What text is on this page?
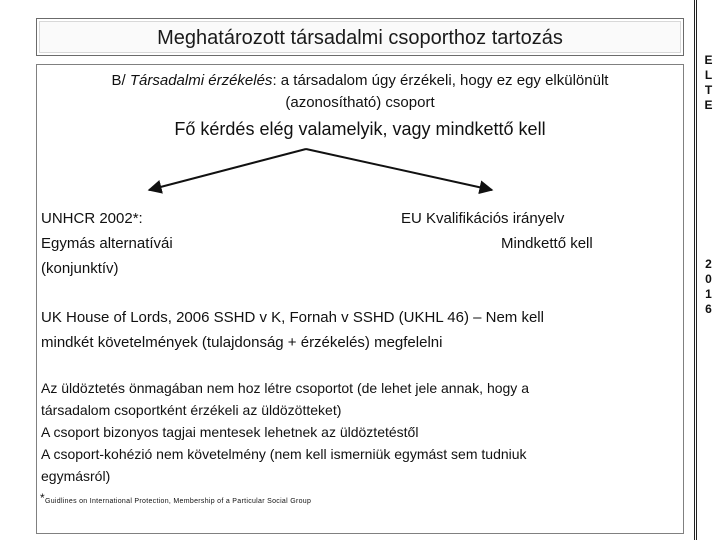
Meghatározott társadalmi csoporthoz tartozás
B/ Társadalmi érzékelés: a társadalom úgy érzékeli, hogy ez egy elkülönült
(azonosítható) csoport
Fő kérdés elég valamelyik, vagy mindkettő kell
UNHCR 2002*:
Egymás alternatívái
(konjunktív)
EU Kvalifikációs irányelv
Mindkettő kell
UK House of Lords, 2006 SSHD v K, Fornah v SSHD (UKHL 46) – Nem kell
mindkét követelmények (tulajdonság + érzékelés) megfelelni
Az üldöztetés önmagában nem hoz létre csoportot (de lehet jele annak, hogy a
társadalom csoportként érzékeli az üldözötteket)
A csoport bizonyos tagjai mentesek lehetnek az üldöztetéstől
A csoport-kohézió nem követelmény (nem kell ismerniük egymást sem tudniuk
egymásról)
*Guidlines on International Protection, Membership of a Particular Social Group
E
L
T
E
2
0
1
6
